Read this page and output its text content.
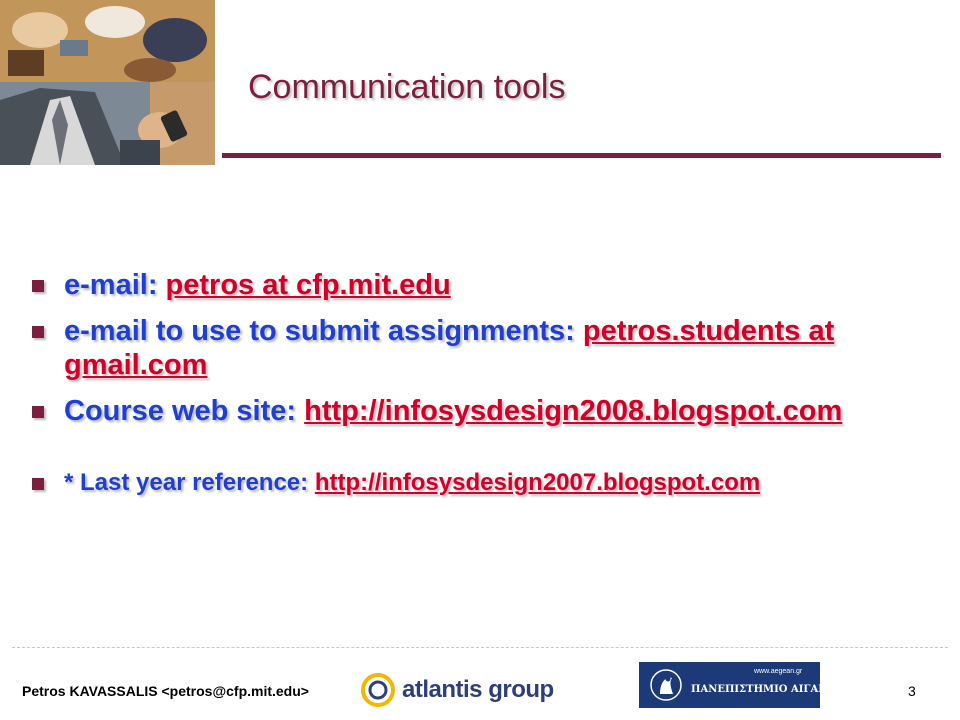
Communication tools
e-mail: petros at cfp.mit.edu
e-mail to use to submit assignments: petros.students at gmail.com
Course web site: http://infosysdesign2008.blogspot.com
* Last year reference: http://infosysdesign2007.blogspot.com
Petros KAVASSALIS <petros@cfp.mit.edu>	atlantis group
www.aegean.gr
ΠΑΝΕΠΙΣΤΗΜΙΟ ΑΙΓΑΙΟΥ	3
